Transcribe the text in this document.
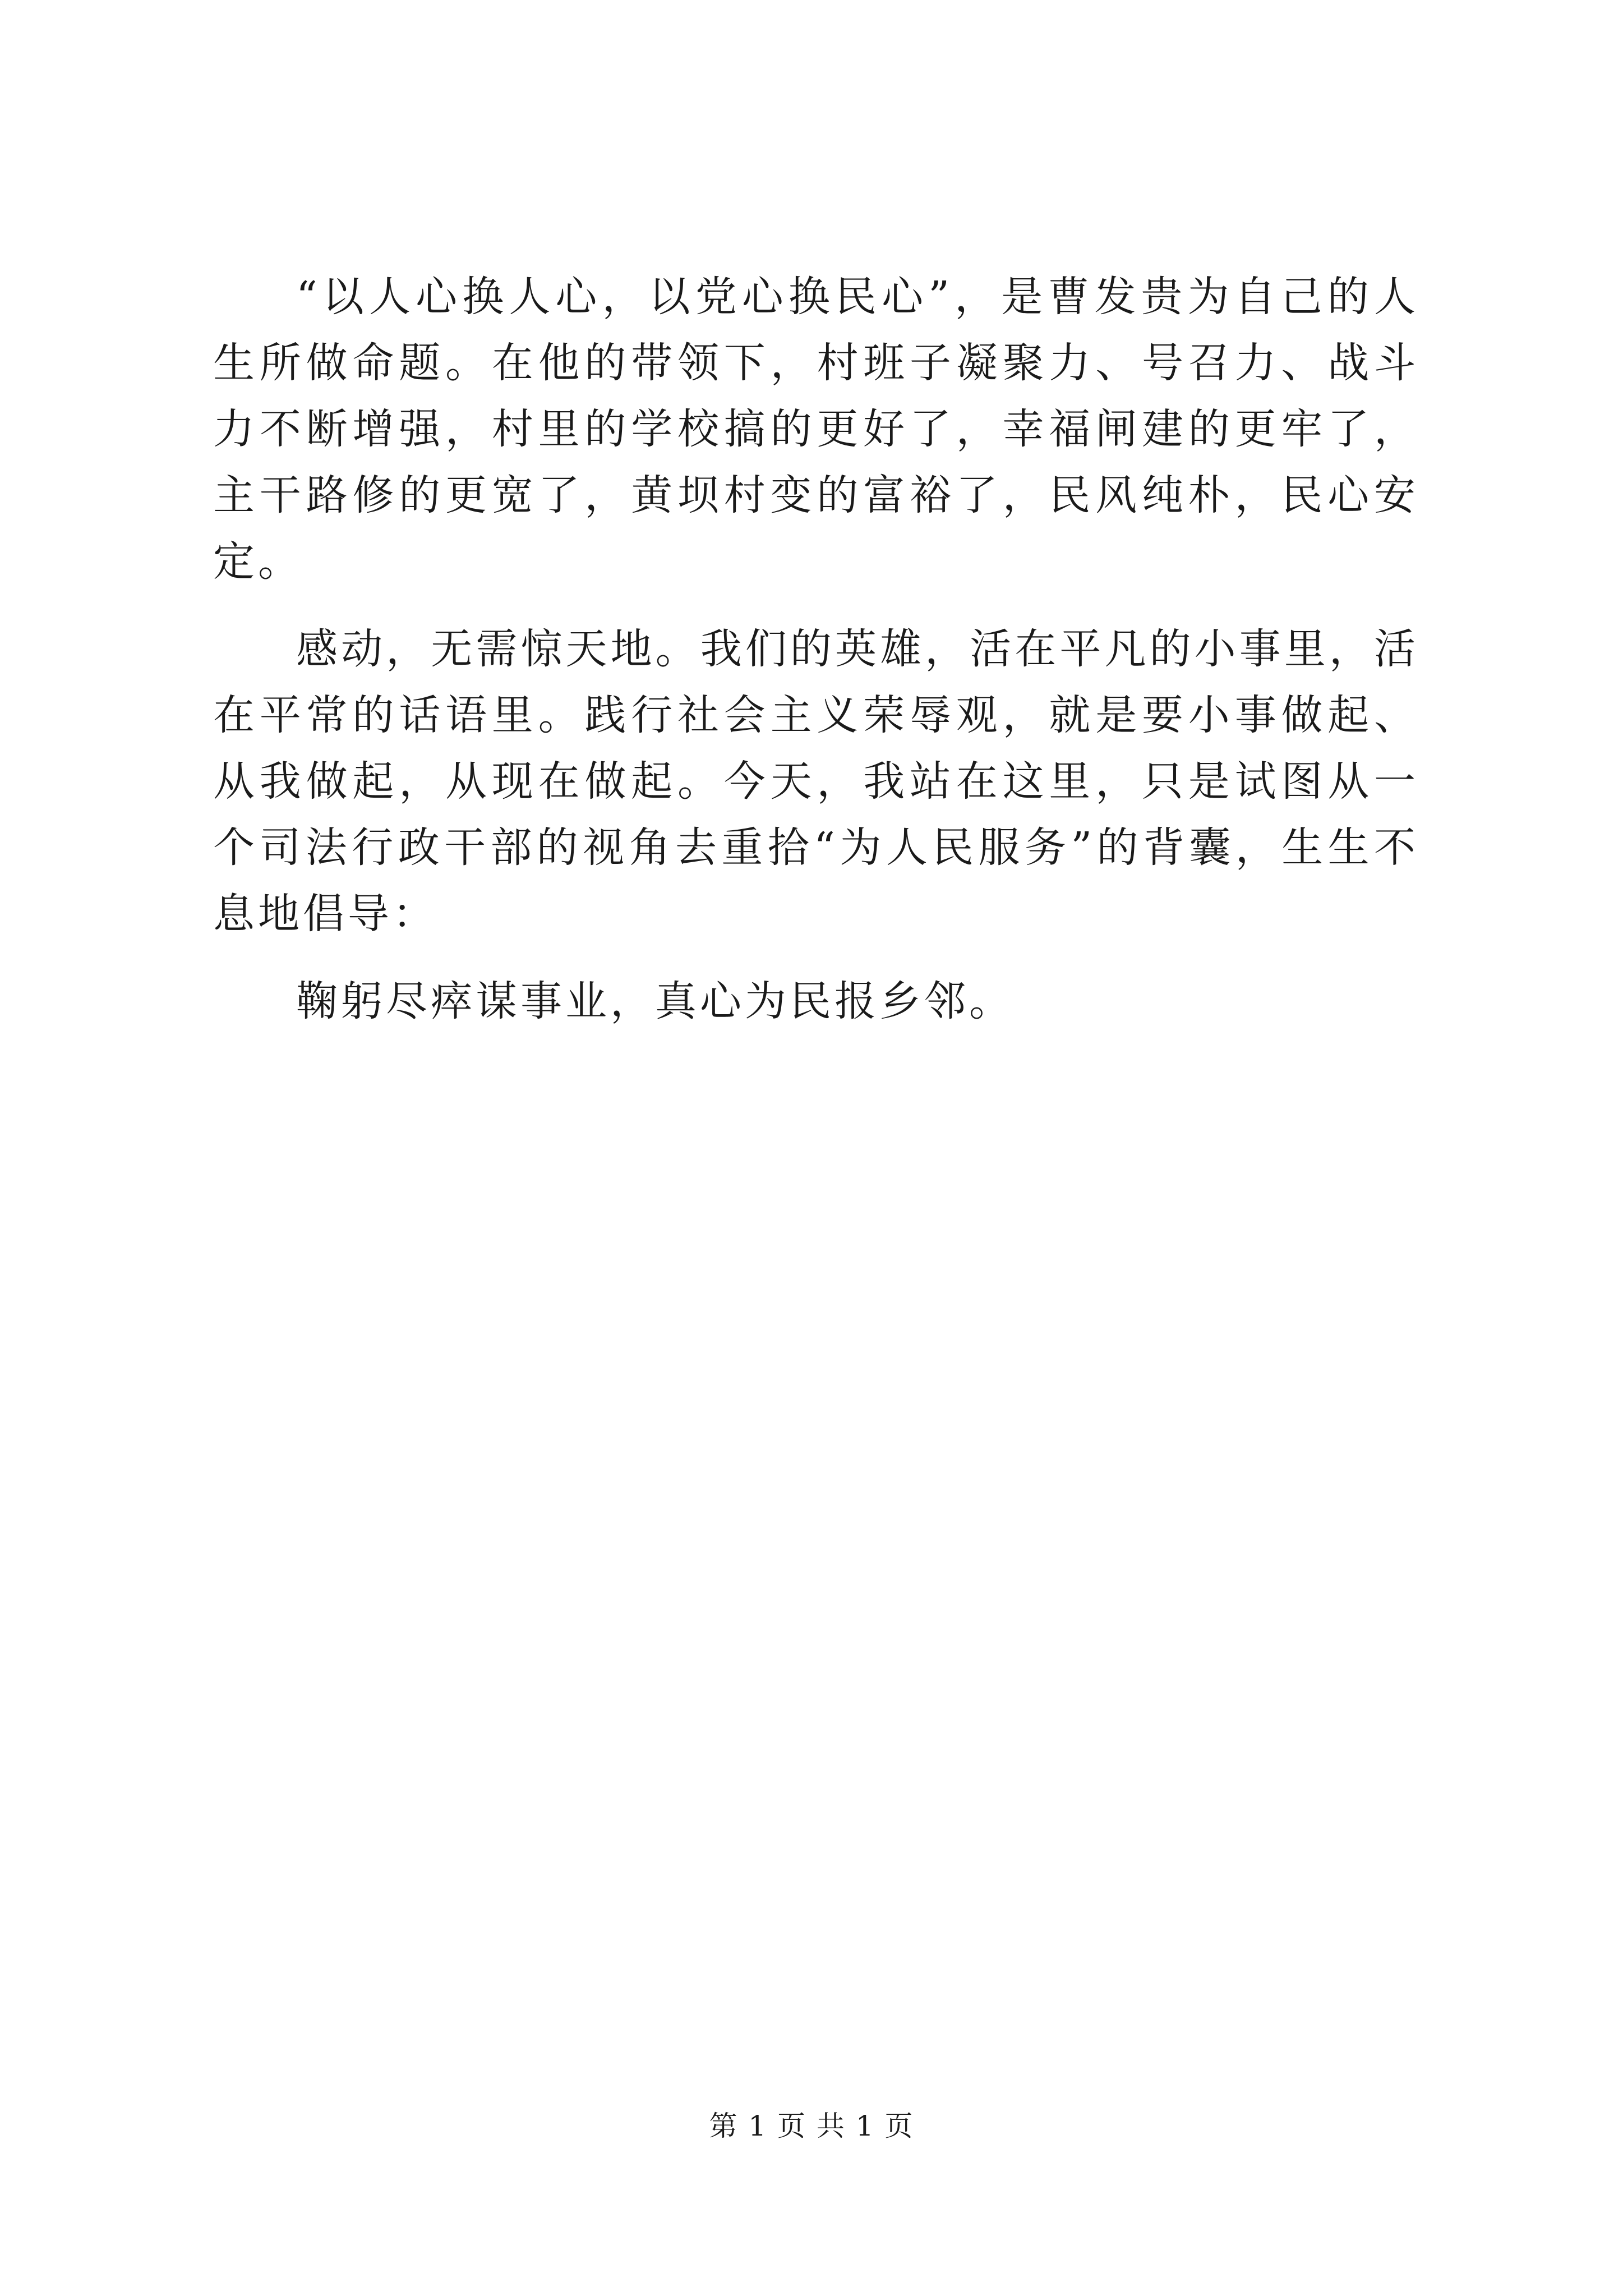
“以人心换人心，以党心换民心”，是曹发贵为自己的人生所做命题。在他的带领下，村班子凝聚力、号召力、战斗力不断增强，村里的学校搞的更好了，幸福闸建的更牢了，主干路修的更宽了，黄坝村变的富裕了，民风纯朴，民心安定。

感动，无需惊天地。我们的英雄，活在平凡的小事里，活在平常的话语里。践行社会主义荣辱观，就是要小事做起、从我做起，从现在做起。今天，我站在这里，只是试图从一个司法行政干部的视角去重拾“为人民服务”的背囊，生生不息地倡导：

鞠躬尽瘁谋事业，真心为民报乡邻。

第 1 页 共 1 页
